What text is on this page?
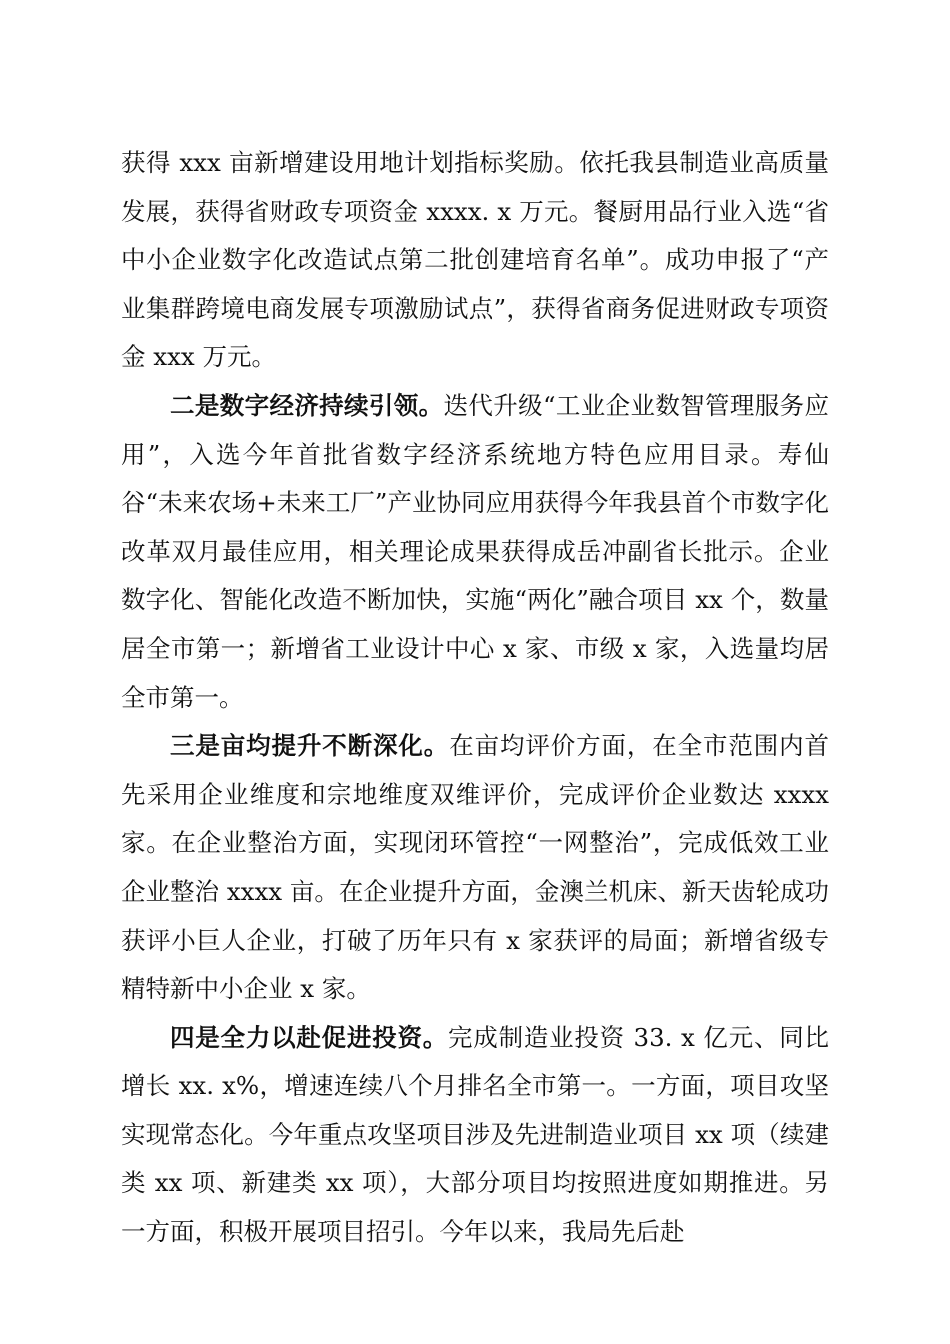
获得 xxx 亩新增建设用地计划指标奖励。依托我县制造业高质量发展，获得省财政专项资金 xxxx. x 万元。餐厨用品行业入选“省中小企业数字化改造试点第二批创建培育名单”。成功申报了“产业集群跨境电商发展专项激励试点”，获得省商务促进财政专项资金 xxx 万元。

二是数字经济持续引领。迭代升级“工业企业数智管理服务应用”，入选今年首批省数字经济系统地方特色应用目录。寿仙谷“未来农场+未来工厂”产业协同应用获得今年我县首个市数字化改革双月最佳应用，相关理论成果获得成岳冲副省长批示。企业数字化、智能化改造不断加快，实施“两化”融合项目 xx 个，数量居全市第一；新增省工业设计中心 x 家、市级 x 家，入选量均居全市第一。

三是亩均提升不断深化。在亩均评价方面，在全市范围内首先采用企业维度和宗地维度双维评价，完成评价企业数达 xxxx 家。在企业整治方面，实现闭环管控“一网整治”，完成低效工业企业整治 xxxx 亩。在企业提升方面，金澳兰机床、新天齿轮成功获评小巨人企业，打破了历年只有 x 家获评的局面；新增省级专精特新中小企业 x 家。

四是全力以赴促进投资。完成制造业投资 33. x 亿元、同比增长 xx. x%，增速连续八个月排名全市第一。一方面，项目攻坚实现常态化。今年重点攻坚项目涉及先进制造业项目 xx 项（续建类 xx 项、新建类 xx 项），大部分项目均按照进度如期推进。另一方面，积极开展项目招引。今年以来，我局先后赴
